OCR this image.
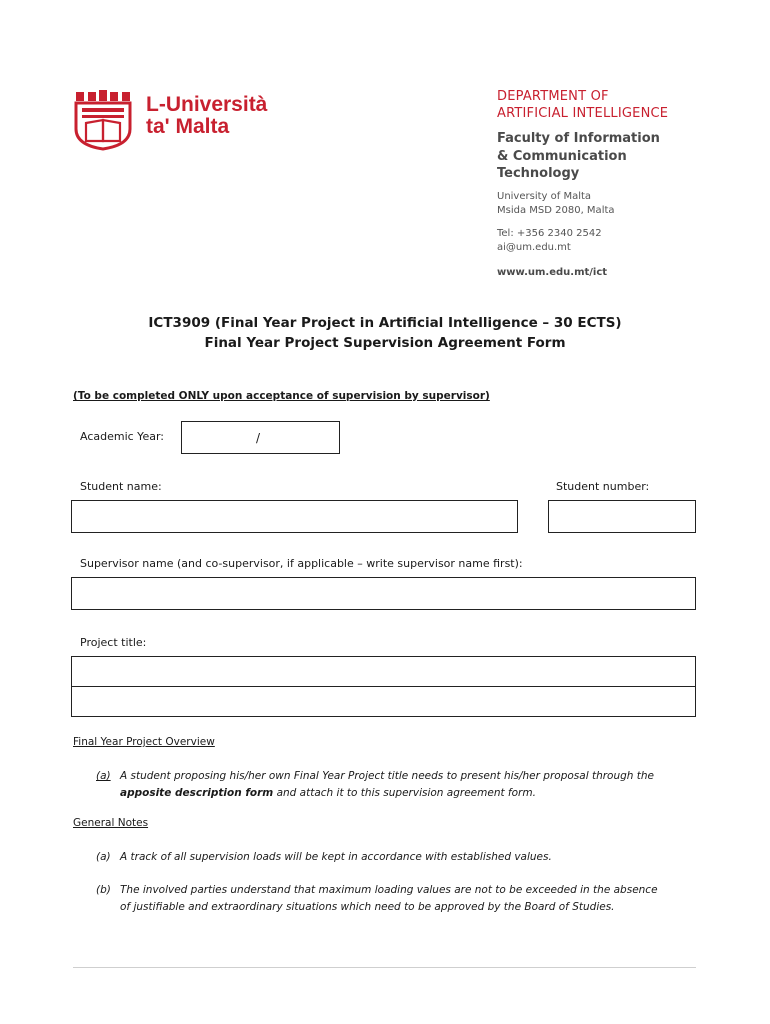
L-Università
ta' Malta
DEPARTMENT OF
ARTIFICIAL INTELLIGENCE
Faculty of Information
& Communication
Technology
University of Malta
Msida MSD 2080, Malta
Tel: +356 2340 2542
ai@um.edu.mt
www.um.edu.mt/ict
ICT3909 (Final Year Project in Artificial Intelligence – 30 ECTS)
Final Year Project Supervision Agreement Form
(To be completed ONLY upon acceptance of supervision by supervisor)
Academic Year:	/
Student name:	Student number:
Supervisor name (and co-supervisor, if applicable – write supervisor name first):
Project title:
Final Year Project Overview
(a) A student proposing his/her own Final Year Project title needs to present his/her proposal through the apposite description form and attach it to this supervision agreement form.
General Notes
(a) A track of all supervision loads will be kept in accordance with established values.
(b) The involved parties understand that maximum loading values are not to be exceeded in the absence of justifiable and extraordinary situations which need to be approved by the Board of Studies.
